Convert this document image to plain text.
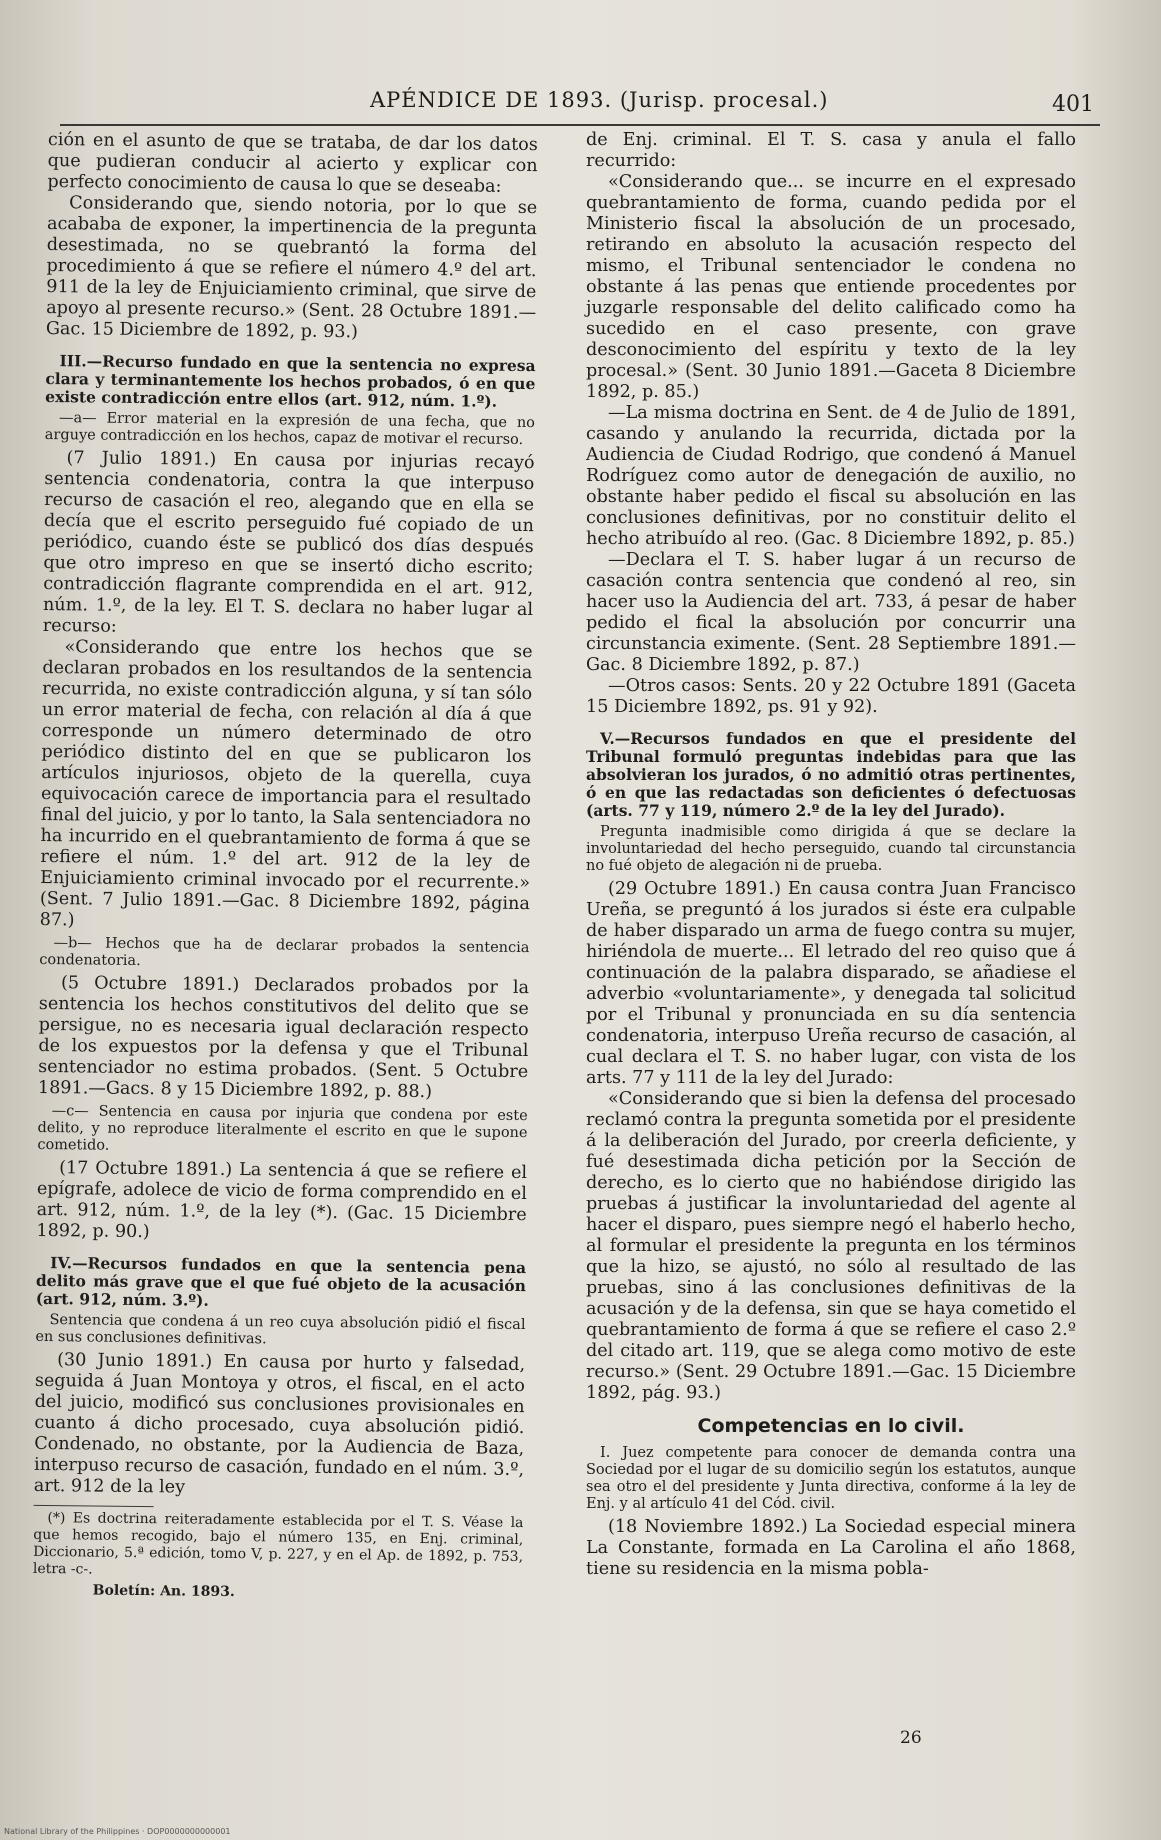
APÉNDICE DE 1893. (Jurisp. procesal.)	401

ción en el asunto de que se trataba, de dar los datos que pudieran conducir al acierto y explicar con perfecto conocimiento de causa lo que se deseaba:

Considerando que, siendo notoria, por lo que se acababa de exponer, la impertinencia de la pregunta desestimada, no se quebrantó la forma del procedimiento á que se refiere el número 4.º del art. 911 de la ley de Enjuiciamiento criminal, que sirve de apoyo al presente recurso.» (Sent. 28 Octubre 1891.—Gac. 15 Diciembre de 1892, p. 93.)

III.—Recurso fundado en que la sentencia no expresa clara y terminantemente los hechos probados, ó en que existe contradicción entre ellos (art. 912, núm. 1.º).

—a— Error material en la expresión de una fecha, que no arguye contradicción en los hechos, capaz de motivar el recurso.

(7 Julio 1891.) En causa por injurias recayó sentencia condenatoria, contra la que interpuso recurso de casación el reo, alegando que en ella se decía que el escrito perseguido fué copiado de un periódico, cuando éste se publicó dos días después que otro impreso en que se insertó dicho escrito; contradicción flagrante comprendida en el art. 912, núm. 1.º, de la ley. El T. S. declara no haber lugar al recurso:

«Considerando que entre los hechos que se declaran probados en los resultandos de la sentencia recurrida, no existe contradicción alguna, y sí tan sólo un error material de fecha, con relación al día á que corresponde un número determinado de otro periódico distinto del en que se publicaron los artículos injuriosos, objeto de la querella, cuya equivocación carece de importancia para el resultado final del juicio, y por lo tanto, la Sala sentenciadora no ha incurrido en el quebrantamiento de forma á que se refiere el núm. 1.º del art. 912 de la ley de Enjuiciamiento criminal invocado por el recurrente.» (Sent. 7 Julio 1891.—Gac. 8 Diciembre 1892, página 87.)

—b— Hechos que ha de declarar probados la sentencia condenatoria.

(5 Octubre 1891.) Declarados probados por la sentencia los hechos constitutivos del delito que se persigue, no es necesaria igual declaración respecto de los expuestos por la defensa y que el Tribunal sentenciador no estima probados. (Sent. 5 Octubre 1891.—Gacs. 8 y 15 Diciembre 1892, p. 88.)

—c— Sentencia en causa por injuria que condena por este delito, y no reproduce literalmente el escrito en que le supone cometido.

(17 Octubre 1891.) La sentencia á que se refiere el epígrafe, adolece de vicio de forma comprendido en el art. 912, núm. 1.º, de la ley (*). (Gac. 15 Diciembre 1892, p. 90.)

IV.—Recursos fundados en que la sentencia pena delito más grave que el que fué objeto de la acusación (art. 912, núm. 3.º).

Sentencia que condena á un reo cuya absolución pidió el fiscal en sus conclusiones definitivas.

(30 Junio 1891.) En causa por hurto y falsedad, seguida á Juan Montoya y otros, el fiscal, en el acto del juicio, modificó sus conclusiones provisionales en cuanto á dicho procesado, cuya absolución pidió. Condenado, no obstante, por la Audiencia de Baza, interpuso recurso de casación, fundado en el núm. 3.º, art. 912 de la ley

(*) Es doctrina reiteradamente establecida por el T. S. Véase la que hemos recogido, bajo el número 135, en Enj. criminal, Diccionario, 5.ª edición, tomo V, p. 227, y en el Ap. de 1892, p. 753, letra -c-.

Boletín: An. 1893.

de Enj. criminal. El T. S. casa y anula el fallo recurrido:

«Considerando que... se incurre en el expresado quebrantamiento de forma, cuando pedida por el Ministerio fiscal la absolución de un procesado, retirando en absoluto la acusación respecto del mismo, el Tribunal sentenciador le condena no obstante á las penas que entiende procedentes por juzgarle responsable del delito calificado como ha sucedido en el caso presente, con grave desconocimiento del espíritu y texto de la ley procesal.» (Sent. 30 Junio 1891.—Gaceta 8 Diciembre 1892, p. 85.)

—La misma doctrina en Sent. de 4 de Julio de 1891, casando y anulando la recurrida, dictada por la Audiencia de Ciudad Rodrigo, que condenó á Manuel Rodríguez como autor de denegación de auxilio, no obstante haber pedido el fiscal su absolución en las conclusiones definitivas, por no constituir delito el hecho atribuído al reo. (Gac. 8 Diciembre 1892, p. 85.)

—Declara el T. S. haber lugar á un recurso de casación contra sentencia que condenó al reo, sin hacer uso la Audiencia del art. 733, á pesar de haber pedido el fical la absolución por concurrir una circunstancia eximente. (Sent. 28 Septiembre 1891.—Gac. 8 Diciembre 1892, p. 87.)

—Otros casos: Sents. 20 y 22 Octubre 1891 (Gaceta 15 Diciembre 1892, ps. 91 y 92).

V.—Recursos fundados en que el presidente del Tribunal formuló preguntas indebidas para que las absolvieran los jurados, ó no admitió otras pertinentes, ó en que las redactadas son deficientes ó defectuosas (arts. 77 y 119, número 2.º de la ley del Jurado).

Pregunta inadmisible como dirigida á que se declare la involuntariedad del hecho perseguido, cuando tal circunstancia no fué objeto de alegación ni de prueba.

(29 Octubre 1891.) En causa contra Juan Francisco Ureña, se preguntó á los jurados si éste era culpable de haber disparado un arma de fuego contra su mujer, hiriéndola de muerte... El letrado del reo quiso que á continuación de la palabra disparado, se añadiese el adverbio «voluntariamente», y denegada tal solicitud por el Tribunal y pronunciada en su día sentencia condenatoria, interpuso Ureña recurso de casación, al cual declara el T. S. no haber lugar, con vista de los arts. 77 y 111 de la ley del Jurado:

«Considerando que si bien la defensa del procesado reclamó contra la pregunta sometida por el presidente á la deliberación del Jurado, por creerla deficiente, y fué desestimada dicha petición por la Sección de derecho, es lo cierto que no habiéndose dirigido las pruebas á justificar la involuntariedad del agente al hacer el disparo, pues siempre negó el haberlo hecho, al formular el presidente la pregunta en los términos que la hizo, se ajustó, no sólo al resultado de las pruebas, sino á las conclusiones definitivas de la acusación y de la defensa, sin que se haya cometido el quebrantamiento de forma á que se refiere el caso 2.º del citado art. 119, que se alega como motivo de este recurso.» (Sent. 29 Octubre 1891.—Gac. 15 Diciembre 1892, pág. 93.)

Competencias en lo civil.

I. Juez competente para conocer de demanda contra una Sociedad por el lugar de su domicilio según los estatutos, aunque sea otro el del presidente y Junta directiva, conforme á la ley de Enj. y al artículo 41 del Cód. civil.

(18 Noviembre 1892.) La Sociedad especial minera La Constante, formada en La Carolina el año 1868, tiene su residencia en la misma pobla-

26
National Library of the Philippines · DOP0000000000001
